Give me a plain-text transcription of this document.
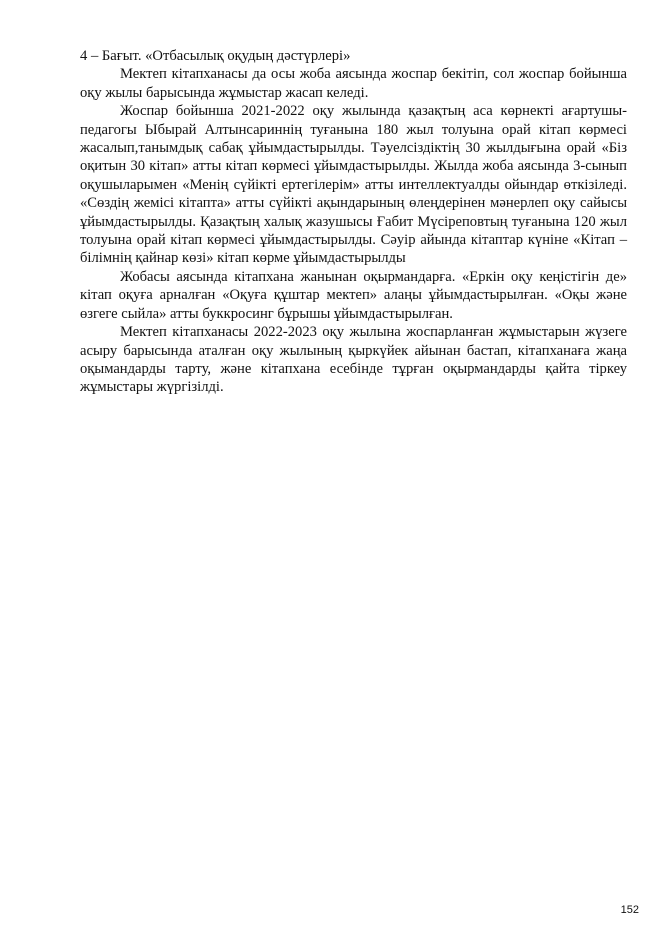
4 – Бағыт. «Отбасылық оқудың дәстүрлері»

Мектеп кітапханасы да осы жоба аясында жоспар бекітіп, сол жоспар бойынша оқу жылы барысында жұмыстар жасап келеді.

Жоспар бойынша 2021-2022 оқу жылында қазақтың аса көрнекті ағартушы- педагогы Ыбырай Алтынсариннің туғанына 180 жыл толуына орай кітап көрмесі жасалып,танымдық сабақ ұйымдастырылды. Тәуелсіздіктің 30 жылдығына орай «Біз оқитын 30 кітап» атты кітап көрмесі ұйымдастырылды. Жылда жоба аясында 3-сынып оқушыларымен «Менің сүйікті ертегілерім» атты интеллектуалды ойындар өткізіледі. «Сөздің жемісі кітапта» атты сүйікті ақындарының өлеңдерінен мәнерлеп оқу сайысы ұйымдастырылды. Қазақтың халық жазушысы Ғабит Мүсіреповтың туғанына 120 жыл толуына орай кітап көрмесі ұйымдастырылды. Сәуір айында кітаптар күніне «Кітап – білімнің қайнар көзі» кітап көрме ұйымдастырылды

Жобасы аясында кітапхана жанынан оқырмандарға. «Еркін оқу кеңістігін де» кітап оқуға арналған «Оқуға құштар мектеп» алаңы ұйымдастырылған. «Оқы және өзгеге сыйла» атты буккросинг бұрышы ұйымдастырылған.

Мектеп кітапханасы 2022-2023 оқу жылына жоспарланған жұмыстарын жүзеге асыру барысында аталған оқу жылының қыркүйек айынан бастап, кітапханаға жаңа оқымандарды тарту, және кітапхана есебінде тұрған оқырмандарды қайта тіркеу жұмыстары жүргізілді.

152
